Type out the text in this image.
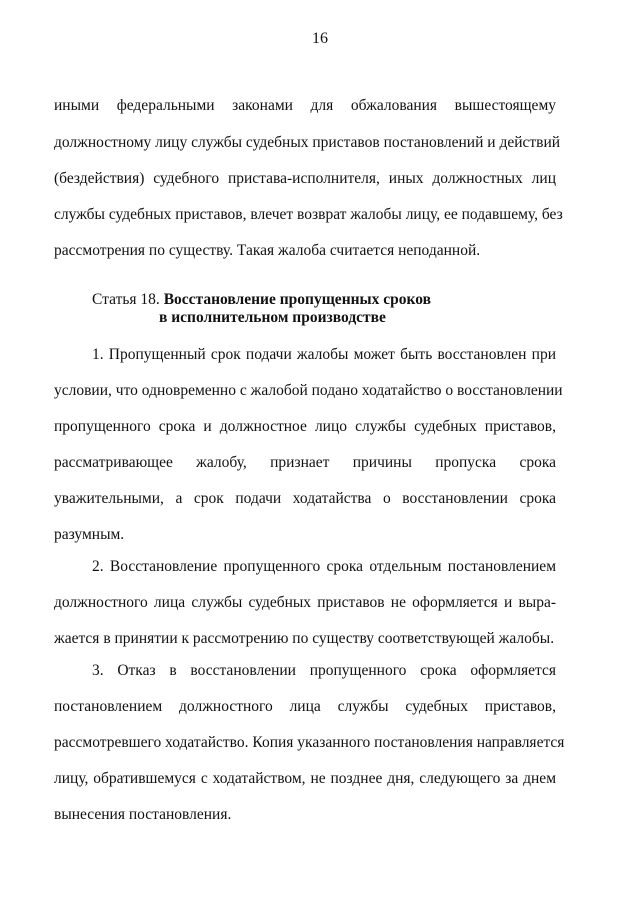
16
иными федеральными законами для обжалования вышестоящему
должностному лицу службы судебных приставов постановлений и действий
(бездействия) судебного пристава-исполнителя, иных должностных лиц
службы судебных приставов, влечет возврат жалобы лицу, ее подавшему, без
рассмотрения по существу. Такая жалоба считается неподанной.
Статья 18. Восстановление пропущенных сроков
в исполнительном производстве
1. Пропущенный срок подачи жалобы может быть восстановлен при
условии, что одновременно с жалобой подано ходатайство о восстановлении
пропущенного срока и должностное лицо службы судебных приставов,
рассматривающее жалобу, признает причины пропуска срока
уважительными, а срок подачи ходатайства о восстановлении срока
разумным.
2. Восстановление пропущенного срока отдельным постановлением
должностного лица службы судебных приставов не оформляется и выра-
жается в принятии к рассмотрению по существу соответствующей жалобы.
3. Отказ в восстановлении пропущенного срока оформляется
постановлением должностного лица службы судебных приставов,
рассмотревшего ходатайство. Копия указанного постановления направляется
лицу, обратившемуся с ходатайством, не позднее дня, следующего за днем
вынесения постановления.
